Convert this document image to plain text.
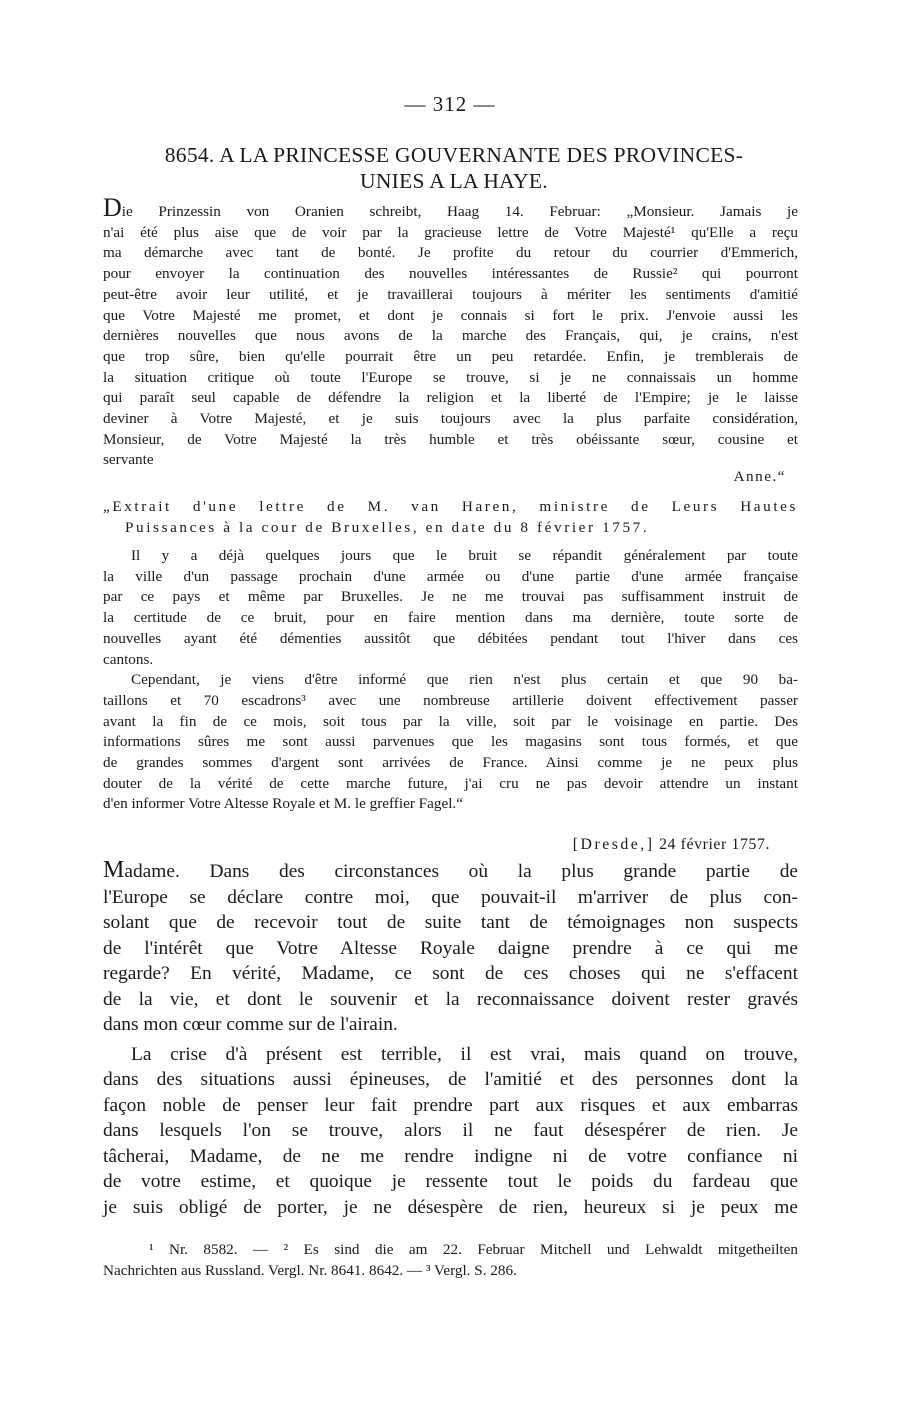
— 312 —
8654. A LA PRINCESSE GOUVERNANTE DES PROVINCES-
UNIES A LA HAYE.
Die Prinzessin von Oranien schreibt, Haag 14. Februar: „Monsieur. Jamais je
n'ai été plus aise que de voir par la gracieuse lettre de Votre Majesté¹ qu'Elle a reçu
ma démarche avec tant de bonté. Je profite du retour du courrier d'Emmerich,
pour envoyer la continuation des nouvelles intéressantes de Russie² qui pourront
peut-être avoir leur utilité, et je travaillerai toujours à mériter les sentiments d'amitié
que Votre Majesté me promet, et dont je connais si fort le prix. J'envoie aussi les
dernières nouvelles que nous avons de la marche des Français, qui, je crains, n'est
que trop sûre, bien qu'elle pourrait être un peu retardée. Enfin, je tremblerais de
la situation critique où toute l'Europe se trouve, si je ne connaissais un homme
qui paraît seul capable de défendre la religion et la liberté de l'Empire; je le laisse
deviner à Votre Majesté, et je suis toujours avec la plus parfaite considération,
Monsieur, de Votre Majesté la très humble et très obéissante sœur, cousine et
servante
Anne.“
„Extrait d'une lettre de M. van Haren, ministre de Leurs Hautes
Puissances à la cour de Bruxelles, en date du 8 février 1757.
Il y a déjà quelques jours que le bruit se répandit généralement par toute
la ville d'un passage prochain d'une armée ou d'une partie d'une armée française
par ce pays et même par Bruxelles. Je ne me trouvai pas suffisamment instruit de
la certitude de ce bruit, pour en faire mention dans ma dernière, toute sorte de
nouvelles ayant été démenties aussitôt que débitées pendant tout l'hiver dans ces
cantons.
Cependant, je viens d'être informé que rien n'est plus certain et que 90 ba-
taillons et 70 escadrons³ avec une nombreuse artillerie doivent effectivement passer
avant la fin de ce mois, soit tous par la ville, soit par le voisinage en partie. Des
informations sûres me sont aussi parvenues que les magasins sont tous formés, et que
de grandes sommes d'argent sont arrivées de France. Ainsi comme je ne peux plus
douter de la vérité de cette marche future, j'ai cru ne pas devoir attendre un instant
d'en informer Votre Altesse Royale et M. le greffier Fagel.“
[Dresde,] 24 février 1757.
Madame. Dans des circonstances où la plus grande partie de
l'Europe se déclare contre moi, que pouvait-il m'arriver de plus con-
solant que de recevoir tout de suite tant de témoignages non suspects
de l'intérêt que Votre Altesse Royale daigne prendre à ce qui me
regarde? En vérité, Madame, ce sont de ces choses qui ne s'effacent
de la vie, et dont le souvenir et la reconnaissance doivent rester gravés
dans mon cœur comme sur de l'airain.
La crise d'à présent est terrible, il est vrai, mais quand on trouve,
dans des situations aussi épineuses, de l'amitié et des personnes dont la
façon noble de penser leur fait prendre part aux risques et aux embarras
dans lesquels l'on se trouve, alors il ne faut désespérer de rien. Je
tâcherai, Madame, de ne me rendre indigne ni de votre confiance ni
de votre estime, et quoique je ressente tout le poids du fardeau que
je suis obligé de porter, je ne désespère de rien, heureux si je peux me
¹ Nr. 8582. — ² Es sind die am 22. Februar Mitchell und Lehwaldt mitgetheilten
Nachrichten aus Russland. Vergl. Nr. 8641. 8642. — ³ Vergl. S. 286.
